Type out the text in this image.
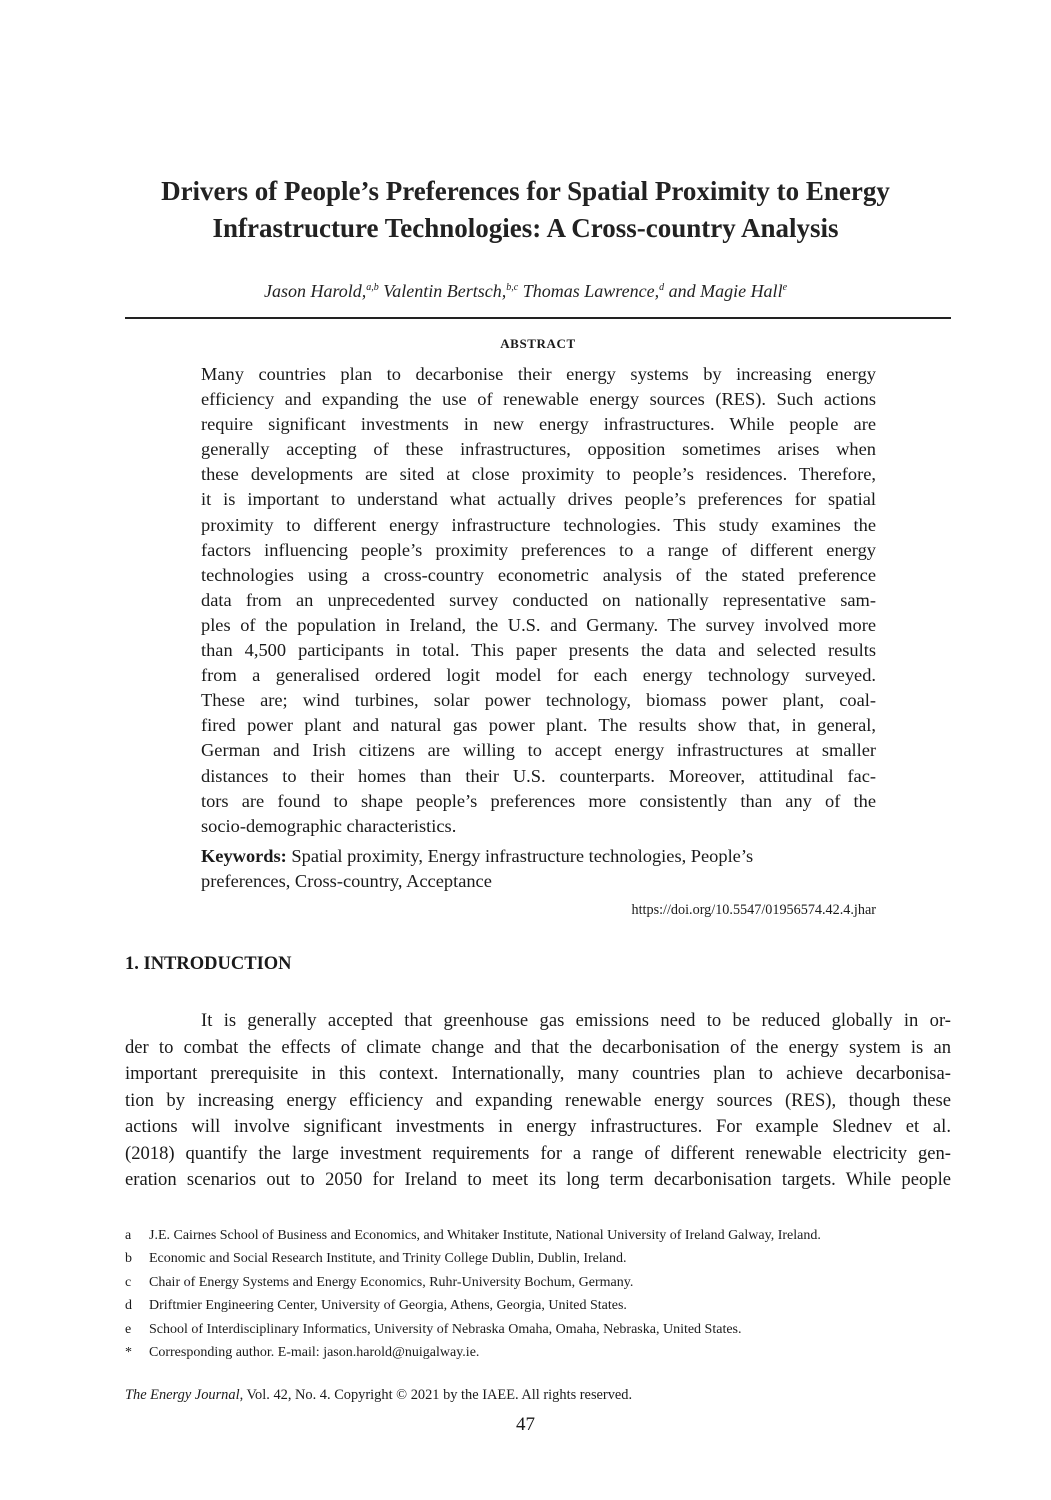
Drivers of People’s Preferences for Spatial Proximity to Energy
Infrastructure Technologies: A Cross-country Analysis
Jason Harold,$^{a,b}$ Valentin Bertsch,$^{b,c}$ Thomas Lawrence,$^d$ and Magie Hall$^e$
ABSTRACT
Many countries plan to decarbonise their energy systems by increasing energy
efficiency and expanding the use of renewable energy sources (RES). Such actions
require significant investments in new energy infrastructures. While people are
generally accepting of these infrastructures, opposition sometimes arises when
these developments are sited at close proximity to people’s residences. Therefore,
it is important to understand what actually drives people’s preferences for spatial
proximity to different energy infrastructure technologies. This study examines the
factors influencing people’s proximity preferences to a range of different energy
technologies using a cross-country econometric analysis of the stated preference
data from an unprecedented survey conducted on nationally representative sam-
ples of the population in Ireland, the U.S. and Germany. The survey involved more
than 4,500 participants in total. This paper presents the data and selected results
from a generalised ordered logit model for each energy technology surveyed.
These are; wind turbines, solar power technology, biomass power plant, coal-
fired power plant and natural gas power plant. The results show that, in general,
German and Irish citizens are willing to accept energy infrastructures at smaller
distances to their homes than their U.S. counterparts. Moreover, attitudinal fac-
tors are found to shape people’s preferences more consistently than any of the
socio-demographic characteristics.
Keywords: Spatial proximity, Energy infrastructure technologies, People’s
preferences, Cross-country, Acceptance
https://doi.org/10.5547/01956574.42.4.jhar
1. INTRODUCTION
It is generally accepted that greenhouse gas emissions need to be reduced globally in or-
der to combat the effects of climate change and that the decarbonisation of the energy system is an
important prerequisite in this context. Internationally, many countries plan to achieve decarbonisa-
tion by increasing energy efficiency and expanding renewable energy sources (RES), though these
actions will involve significant investments in energy infrastructures. For example Slednev et al.
(2018) quantify the large investment requirements for a range of different renewable electricity gen-
eration scenarios out to 2050 for Ireland to meet its long term decarbonisation targets. While people
a J.E. Cairnes School of Business and Economics, and Whitaker Institute, National University of Ireland Galway, Ireland.
b Economic and Social Research Institute, and Trinity College Dublin, Dublin, Ireland.
c Chair of Energy Systems and Energy Economics, Ruhr-University Bochum, Germany.
d Driftmier Engineering Center, University of Georgia, Athens, Georgia, United States.
e School of Interdisciplinary Informatics, University of Nebraska Omaha, Omaha, Nebraska, United States.
* Corresponding author. E-mail: jason.harold@nuigalway.ie.
The Energy Journal, Vol. 42, No. 4. Copyright © 2021 by the IAEE. All rights reserved.
47
